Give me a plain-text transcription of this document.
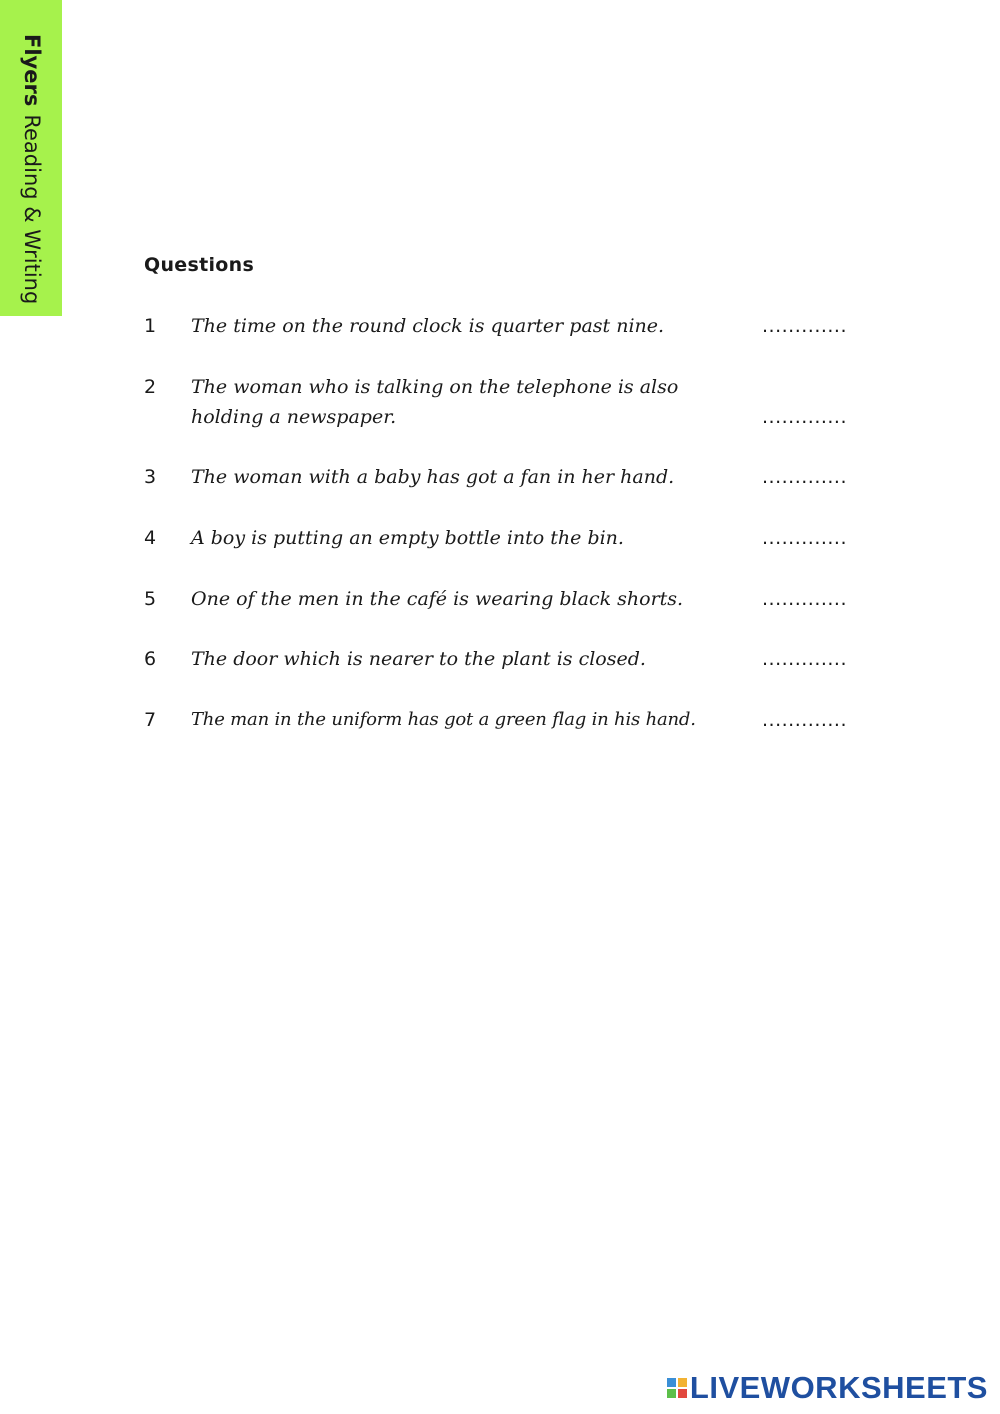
FlyersReading & Writing	Questions
1 The time on the round clock is quarter past nine.	.............
2 The woman who is talking on the telephone is also holding a newspaper.	.............
3 The woman with a baby has got a fan in her hand.	.............
4 A boy is putting an empty bottle into the bin.	.............
5 One of the men in the café is wearing black shorts.	.............
6 The door which is nearer to the plant is closed.	.............
7 The man in the uniform has got a green flag in his hand.	.............
LIVEWORKSHEETS
